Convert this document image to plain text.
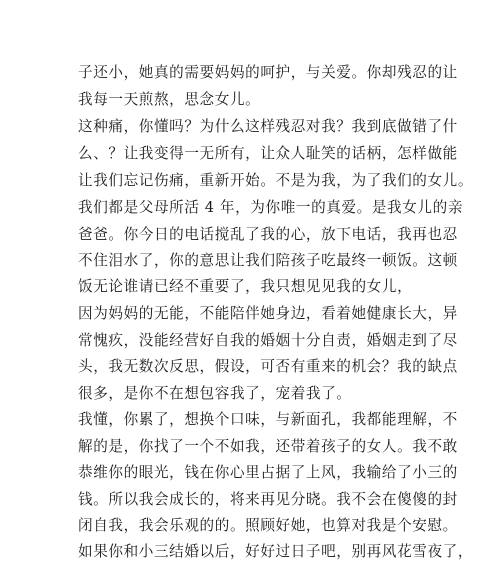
子还小，她真的需要妈妈的呵护，与关爱。你却残忍的让
我每一天煎熬，思念女儿。
这种痛，你懂吗？为什么这样残忍对我？我到底做错了什
么、？让我变得一无所有，让众人耻笑的话柄，怎样做能
让我们忘记伤痛，重新开始。不是为我，为了我们的女儿。
我们都是父母所活 4 年，为你唯一的真爱。是我女儿的亲
爸爸。你今日的电话搅乱了我的心，放下电话，我再也忍
不住泪水了，你的意思让我们陪孩子吃最终一顿饭。这顿
饭无论谁请已经不重要了，我只想见见我的女儿，
因为妈妈的无能，不能陪伴她身边，看着她健康长大，异
常愧疚，没能经营好自我的婚姻十分自责，婚姻走到了尽
头，我无数次反思，假设，可否有重来的机会？我的缺点
很多，是你不在想包容我了，宠着我了。
我懂，你累了，想换个口味，与新面孔，我都能理解，不
解的是，你找了一个不如我，还带着孩子的女人。我不敢
恭维你的眼光，钱在你心里占据了上风，我输给了小三的
钱。所以我会成长的，将来再见分晓。我不会在傻傻的封
闭自我，我会乐观的的。照顾好她，也算对我是个安慰。
如果你和小三结婚以后，好好过日子吧，别再风花雪夜了，
